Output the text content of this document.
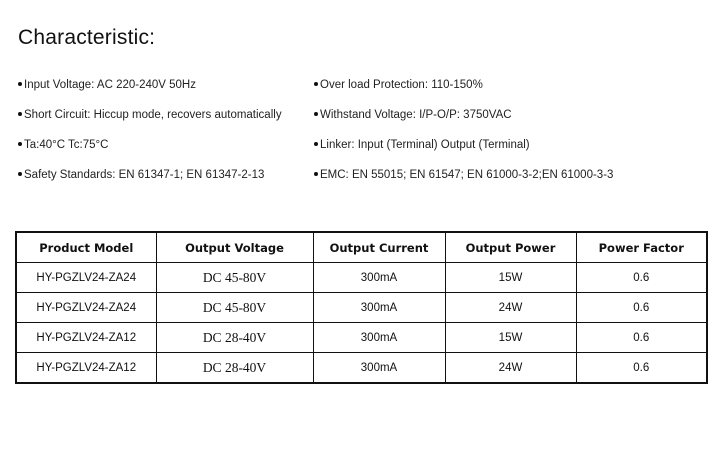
Characteristic:
Input Voltage: AC 220-240V 50Hz	Over load Protection: 110-150%
Short Circuit: Hiccup mode, recovers automatically	Withstand Voltage: I/P-O/P: 3750VAC
Ta:40°C Tc:75°C	Linker: Input (Terminal) Output (Terminal)
Safety Standards: EN 61347-1; EN 61347-2-13	EMC: EN 55015; EN 61547; EN 61000-3-2;EN 61000-3-3
Product Model	Output Voltage	Output Current	Output Power	Power Factor
HY-PGZLV24-ZA24	DC 45-80V	300mA	15W	0.6
HY-PGZLV24-ZA24	DC 45-80V	300mA	24W	0.6
HY-PGZLV24-ZA12	DC 28-40V	300mA	15W	0.6
HY-PGZLV24-ZA12	DC 28-40V	300mA	24W	0.6
